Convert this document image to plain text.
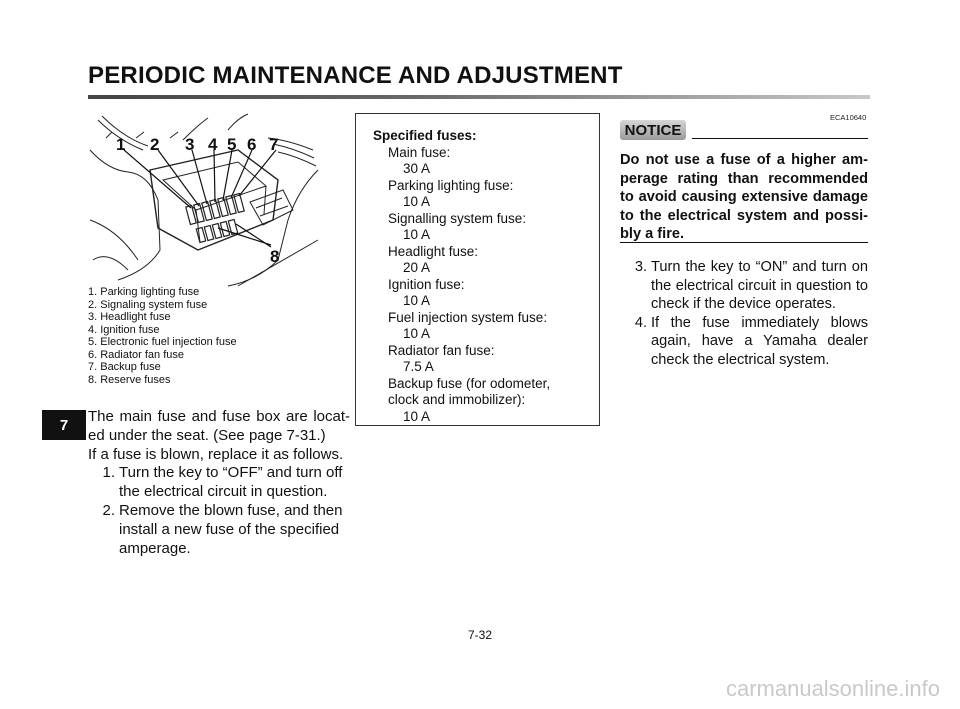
PERIODIC MAINTENANCE AND ADJUSTMENT
7
1 2 3 4 5 6 7
8
1. Parking lighting fuse
2. Signaling system fuse
3. Headlight fuse
4. Ignition fuse
5. Electronic fuel injection fuse
6. Radiator fan fuse
7. Backup fuse
8. Reserve fuses

The main fuse and fuse box are locat-ed under the seat. (See page 7-31.)

If a fuse is blown, replace it as follows.

1. Turn the key to “OFF” and turn off the electrical circuit in question.
2. Remove the blown fuse, and then install a new fuse of the specified amperage.
Specified fuses:
Main fuse:
30 A
Parking lighting fuse:
10 A
Signalling system fuse:
10 A
Headlight fuse:
20 A
Ignition fuse:
10 A
Fuel injection system fuse:
10 A
Radiator fan fuse:
7.5 A
Backup fuse (for odometer,
clock and immobilizer):
10 A
ECA10640
NOTICE
Do not use a fuse of a higher am-perage rating than recommended to avoid causing extensive damage to the electrical system and possi-bly a fire.
3. Turn the key to “ON” and turn on the electrical circuit in question to check if the device operates.
4. If the fuse immediately blows again, have a Yamaha dealer check the electrical system.
7-32
carmanualsonline.info
